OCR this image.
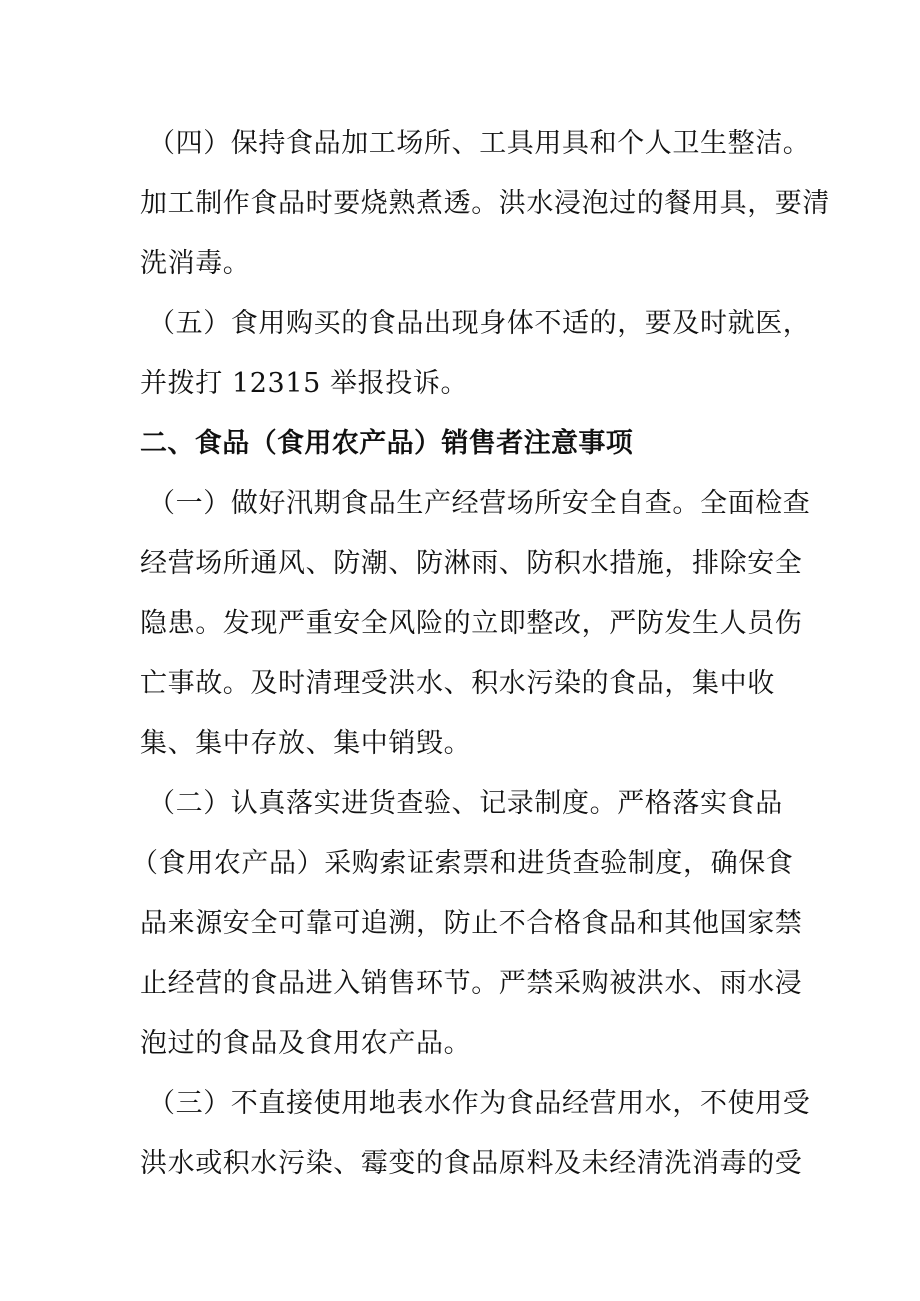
（四）保持食品加工场所、工具用具和个人卫生整洁。
加工制作食品时要烧熟煮透。洪水浸泡过的餐用具，要清
洗消毒。
（五）食用购买的食品出现身体不适的，要及时就医，
并拨打 12315 举报投诉。
二、食品（食用农产品）销售者注意事项
（一）做好汛期食品生产经营场所安全自查。全面检查
经营场所通风、防潮、防淋雨、防积水措施，排除安全
隐患。发现严重安全风险的立即整改，严防发生人员伤
亡事故。及时清理受洪水、积水污染的食品，集中收
集、集中存放、集中销毁。
（二）认真落实进货查验、记录制度。严格落实食品
（食用农产品）采购索证索票和进货查验制度，确保食
品来源安全可靠可追溯，防止不合格食品和其他国家禁
止经营的食品进入销售环节。严禁采购被洪水、雨水浸
泡过的食品及食用农产品。
（三）不直接使用地表水作为食品经营用水，不使用受
洪水或积水污染、霉变的食品原料及未经清洗消毒的受
